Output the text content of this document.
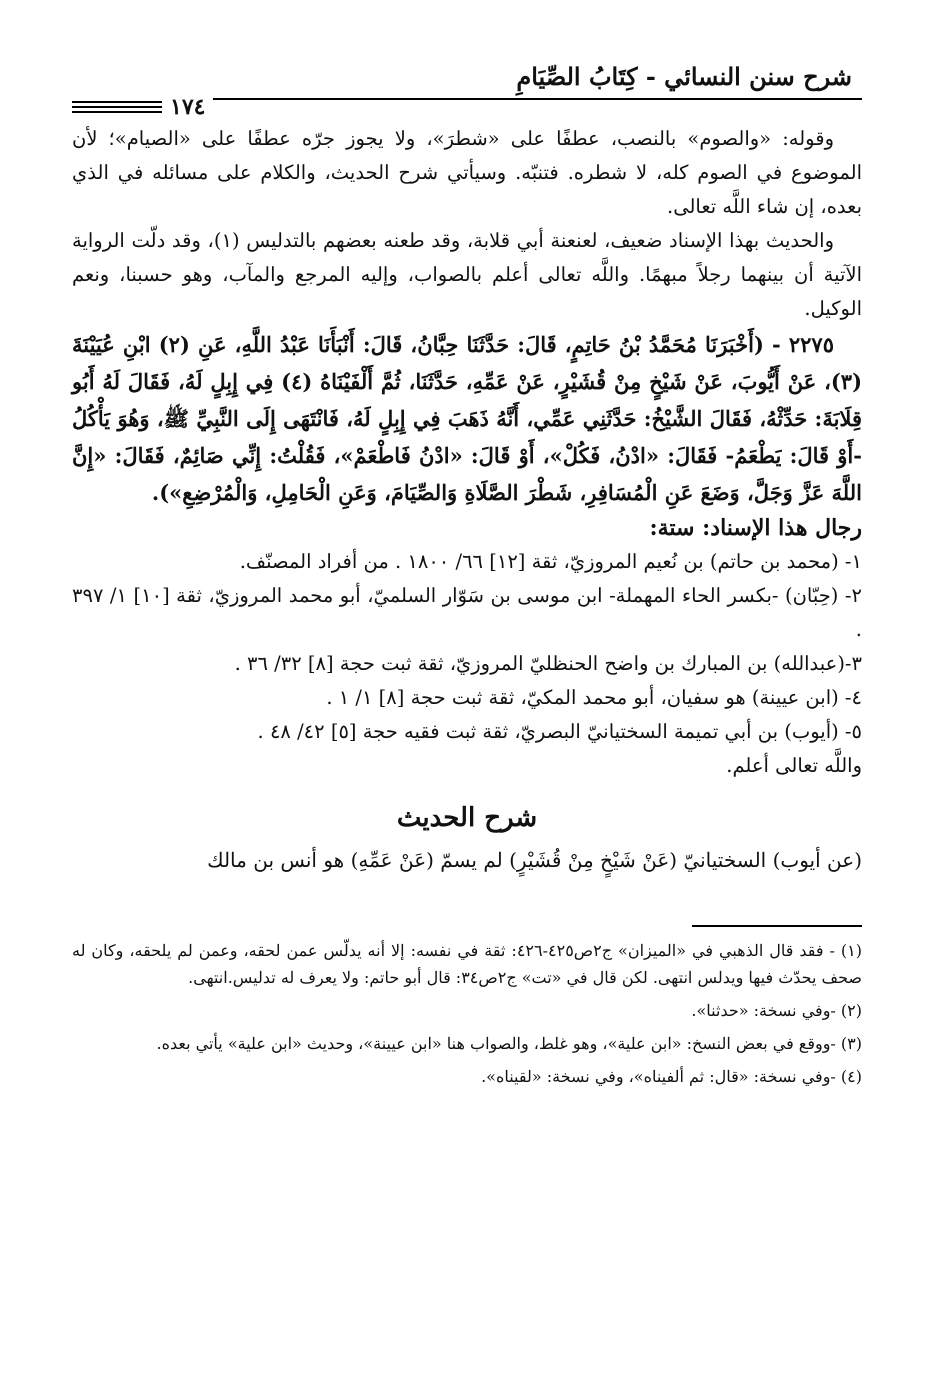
شرح سنن النسائي - كِتَابُ الصِّيَامِ
١٧٤

وقوله: «والصوم» بالنصب، عطفًا على «شطرَ»، ولا يجوز جرّه عطفًا على «الصيام»؛ لأن الموضوع في الصوم كله، لا شطره. فتنبّه. وسيأتي شرح الحديث، والكلام على مسائله في الذي بعده، إن شاء اللَّه تعالى.

والحديث بهذا الإسناد ضعيف، لعنعنة أبي قلابة، وقد طعنه بعضهم بالتدليس (١)، وقد دلّت الرواية الآتية أن بينهما رجلاً مبهمًا. واللَّه تعالى أعلم بالصواب، وإليه المرجع والمآب، وهو حسبنا، ونعم الوكيل.

٢٢٧٥ - (أَخْبَرَنَا مُحَمَّدُ بْنُ حَاتِمٍ، قَالَ: حَدَّثَنَا حِبَّانُ، قَالَ: أَنْبَأَنَا عَبْدُ اللَّهِ، عَنِ (٢) ابْنِ عُيَيْنَةَ (٣)، عَنْ أَيُّوبَ، عَنْ شَيْخٍ مِنْ قُشَيْرٍ، عَنْ عَمِّهِ، حَدَّثَنَا، ثُمَّ أَلْفَيْنَاهُ (٤) فِي إِبِلٍ لَهُ، فَقَالَ لَهُ أَبُو قِلَابَةَ: حَدِّثْهُ، فَقَالَ الشَّيْخُ: حَدَّثَنِي عَمِّي، أَنَّهُ ذَهَبَ فِي إِبِلٍ لَهُ، فَانْتَهَى إِلَى النَّبِيِّ ﷺ، وَهُوَ يَأْكُلُ -أَوْ قَالَ: يَطْعَمُ- فَقَالَ: «ادْنُ، فَكُلْ»، أَوْ قَالَ: «ادْنُ فَاطْعَمْ»، فَقُلْتُ: إِنِّي صَائِمٌ، فَقَالَ: «إِنَّ اللَّهَ عَزَّ وَجَلَّ، وَضَعَ عَنِ الْمُسَافِرِ، شَطْرَ الصَّلَاةِ وَالصِّيَامَ، وَعَنِ الْحَامِلِ، وَالْمُرْضِعِ»).

رجال هذا الإسناد: ستة:

١- (محمد بن حاتم) بن نُعيم المروزيّ، ثقة [١٢] ٦٦/ ١٨٠٠ . من أفراد المصنّف.

٢- (حِبّان) -بكسر الحاء المهملة- ابن موسى بن سَوّار السلميّ، أبو محمد المروزيّ، ثقة [١٠] ١/ ٣٩٧ .

٣-(عبدالله) بن المبارك بن واضح الحنظليّ المروزيّ، ثقة ثبت حجة [٨] ٣٢/ ٣٦ .

٤- (ابن عيينة) هو سفيان، أبو محمد المكيّ، ثقة ثبت حجة [٨] ١/ ١ .

٥- (أيوب) بن أبي تميمة السختيانيّ البصريّ، ثقة ثبت فقيه حجة [٥] ٤٢/ ٤٨ .

واللَّه تعالى أعلم.

شرح الحديث

(عن أيوب) السختيانيّ (عَنْ شَيْخٍ مِنْ قُشَيْرٍ) لم يسمّ (عَنْ عَمِّهِ) هو أنس بن مالك

(١) - فقد قال الذهبي في «الميزان» ج٢ص٤٢٥-٤٢٦: ثقة في نفسه: إلا أنه يدلّس عمن لحقه، وعمن لم يلحقه، وكان له صحف يحدّث فيها ويدلس انتهى. لكن قال في «تت» ج٢ص٣٤: قال أبو حاتم: ولا يعرف له تدليس.انتهى.

(٢) -وفي نسخة: «حدثنا».

(٣) -ووقع في بعض النسخ: «ابن علية»، وهو غلط، والصواب هنا «ابن عيينة»، وحديث «ابن علية» يأتي بعده.

(٤) -وفي نسخة: «قال: ثم ألفيناه»، وفي نسخة: «لقيناه».
